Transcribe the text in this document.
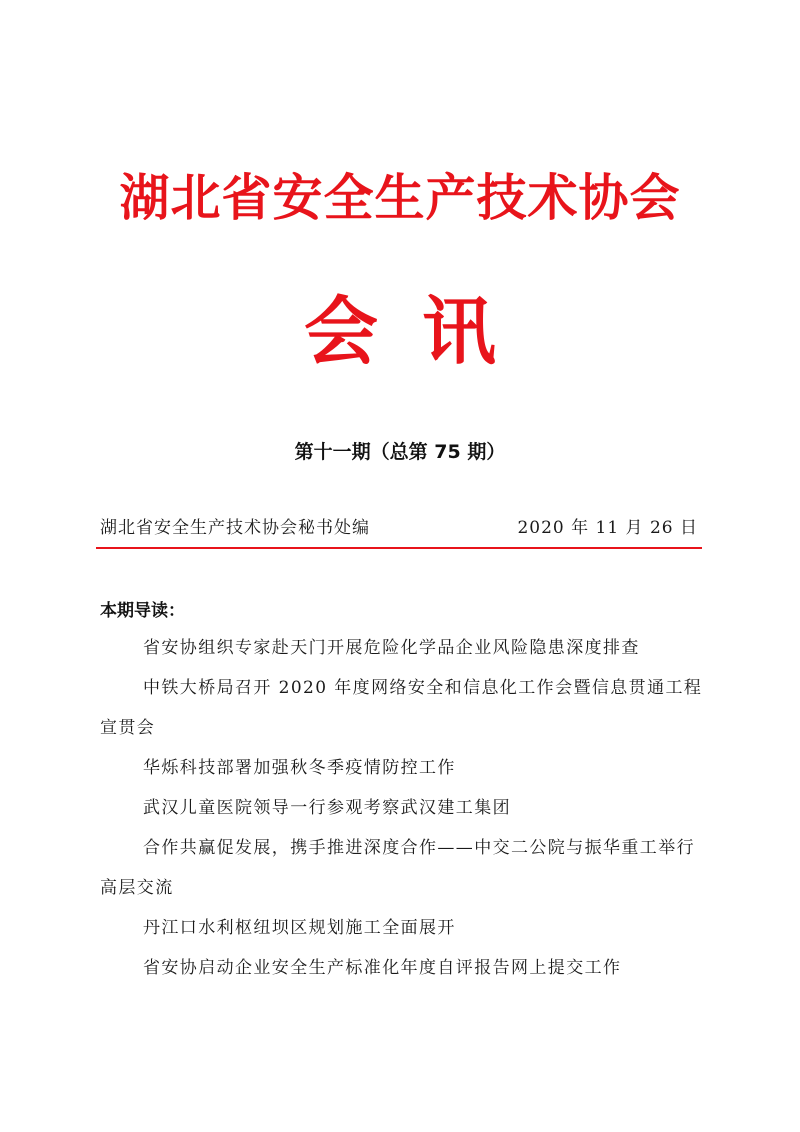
湖北省安全生产技术协会
会讯
第十一期（总第 75 期）
湖北省安全生产技术协会秘书处编	2020 年 11 月 26 日
本期导读：
省安协组织专家赴天门开展危险化学品企业风险隐患深度排查
中铁大桥局召开 2020 年度网络安全和信息化工作会暨信息贯通工程宣贯会
华烁科技部署加强秋冬季疫情防控工作
武汉儿童医院领导一行参观考察武汉建工集团
合作共赢促发展，携手推进深度合作——中交二公院与振华重工举行高层交流
丹江口水利枢纽坝区规划施工全面展开
省安协启动企业安全生产标准化年度自评报告网上提交工作
